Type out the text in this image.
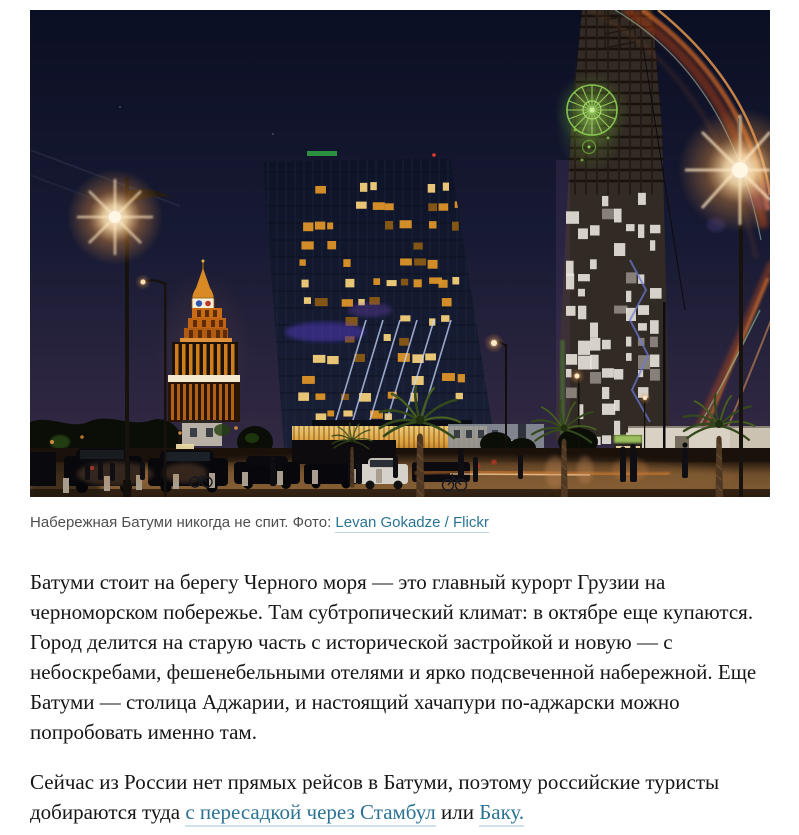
Набережная Батуми никогда не спит. Фото: Levan Gokadze / Flickr

Батуми стоит на берегу Черного моря — это главный курорт Грузии на черноморском побережье. Там субтропический климат: в октябре еще купаются. Город делится на старую часть с исторической застройкой и новую — с небоскребами, фешенебельными отелями и ярко подсвеченной набережной. Еще Батуми — столица Аджарии, и настоящий хачапури по-аджарски можно попробовать именно там.

Сейчас из России нет прямых рейсов в Батуми, поэтому российские туристы добираются туда с пересадкой через Стамбул или Баку.
